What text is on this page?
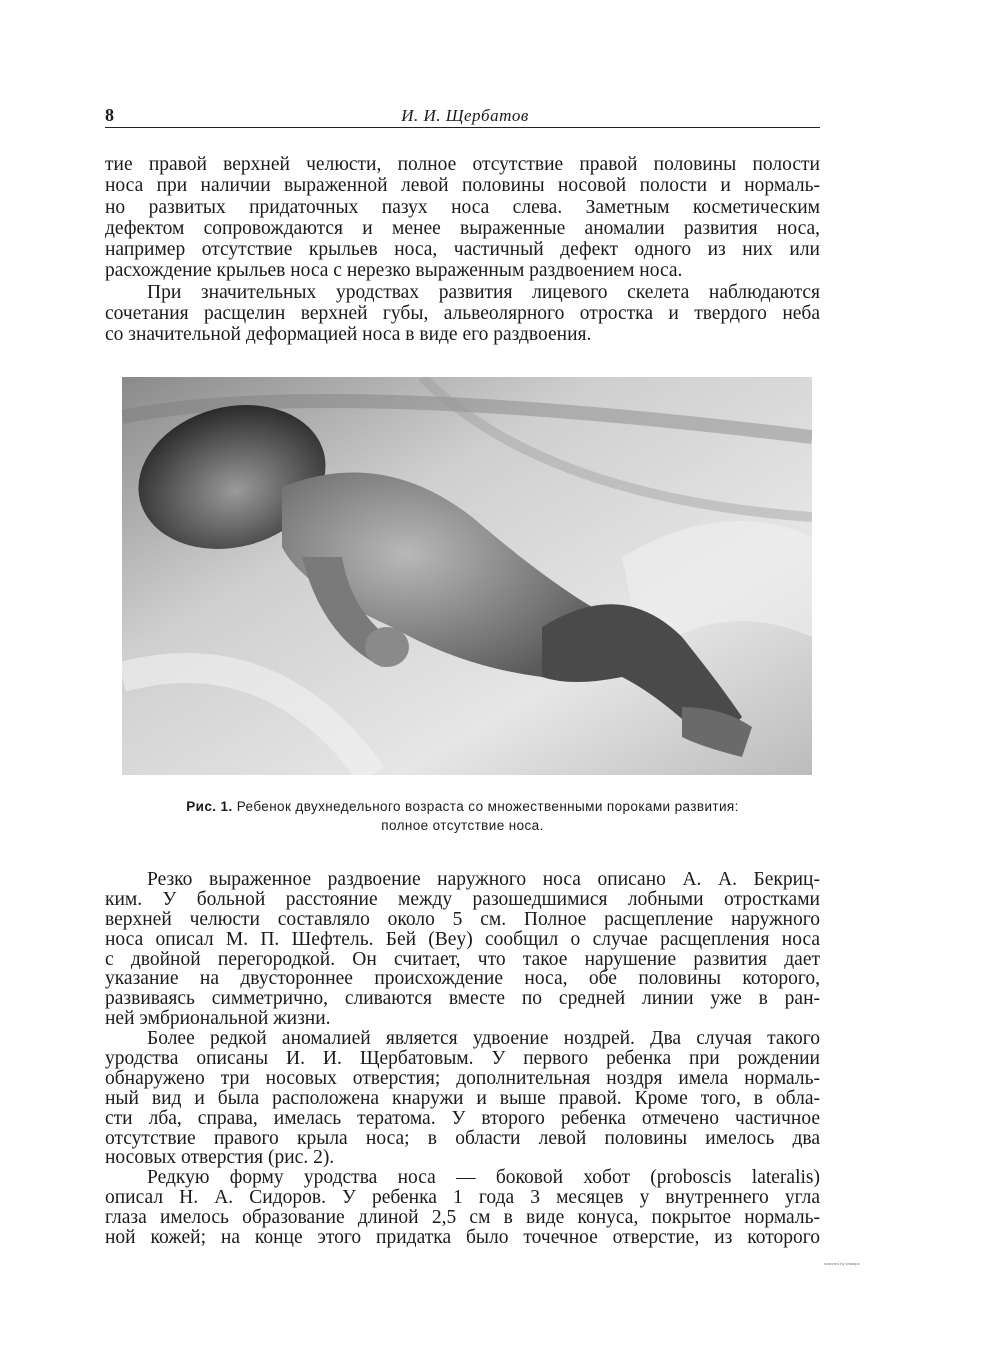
8	И. И. Щербатов
тие правой верхней челюсти, полное отсутствие правой половины полости
носа при наличии выраженной левой половины носовой полости и нормаль-
но развитых придаточных пазух носа слева. Заметным косметическим
дефектом сопровождаются и менее выраженные аномалии развития носа,
например отсутствие крыльев носа, частичный дефект одного из них или
расхождение крыльев носа с нерезко выраженным раздвоением носа.
При значительных уродствах развития лицевого скелета наблюдаются
сочетания расщелин верхней губы, альвеолярного отростка и твердого неба
со значительной деформацией носа в виде его раздвоения.
Рис. 1. Ребенок двухнедельного возраста со множественными пороками развития:
полное отсутствие носа.
Резко выраженное раздвоение наружного носа описано А. А. Бекриц-
ким. У больной расстояние между разошедшимися лобными отростками
верхней челюсти составляло около 5 см. Полное расщепление наружного
носа описал М. П. Шефтель. Бей (Bey) сообщил о случае расщепления носа
с двойной перегородкой. Он считает, что такое нарушение развития дает
указание на двустороннее происхождение носа, обе половины которого,
развиваясь симметрично, сливаются вместе по средней линии уже в ран-
ней эмбриональной жизни.
Более редкой аномалией является удвоение ноздрей. Два случая такого
уродства описаны И. И. Щербатовым. У первого ребенка при рождении
обнаружено три носовых отверстия; дополнительная ноздря имела нормаль-
ный вид и была расположена кнаружи и выше правой. Кроме того, в обла-
сти лба, справа, имелась тератома. У второго ребенка отмечено частичное
отсутствие правого крыла носа; в области левой половины имелось два
носовых отверстия (рис. 2).
Редкую форму уродства носа — боковой хобот (proboscis lateralis)
описал Н. А. Сидоров. У ребенка 1 года 3 месяцев у внутреннего угла
глаза имелось образование длиной 2,5 см в виде конуса, покрытое нормаль-
ной кожей; на конце этого придатка было точечное отверстие, из которого
scanned by shaatpo
